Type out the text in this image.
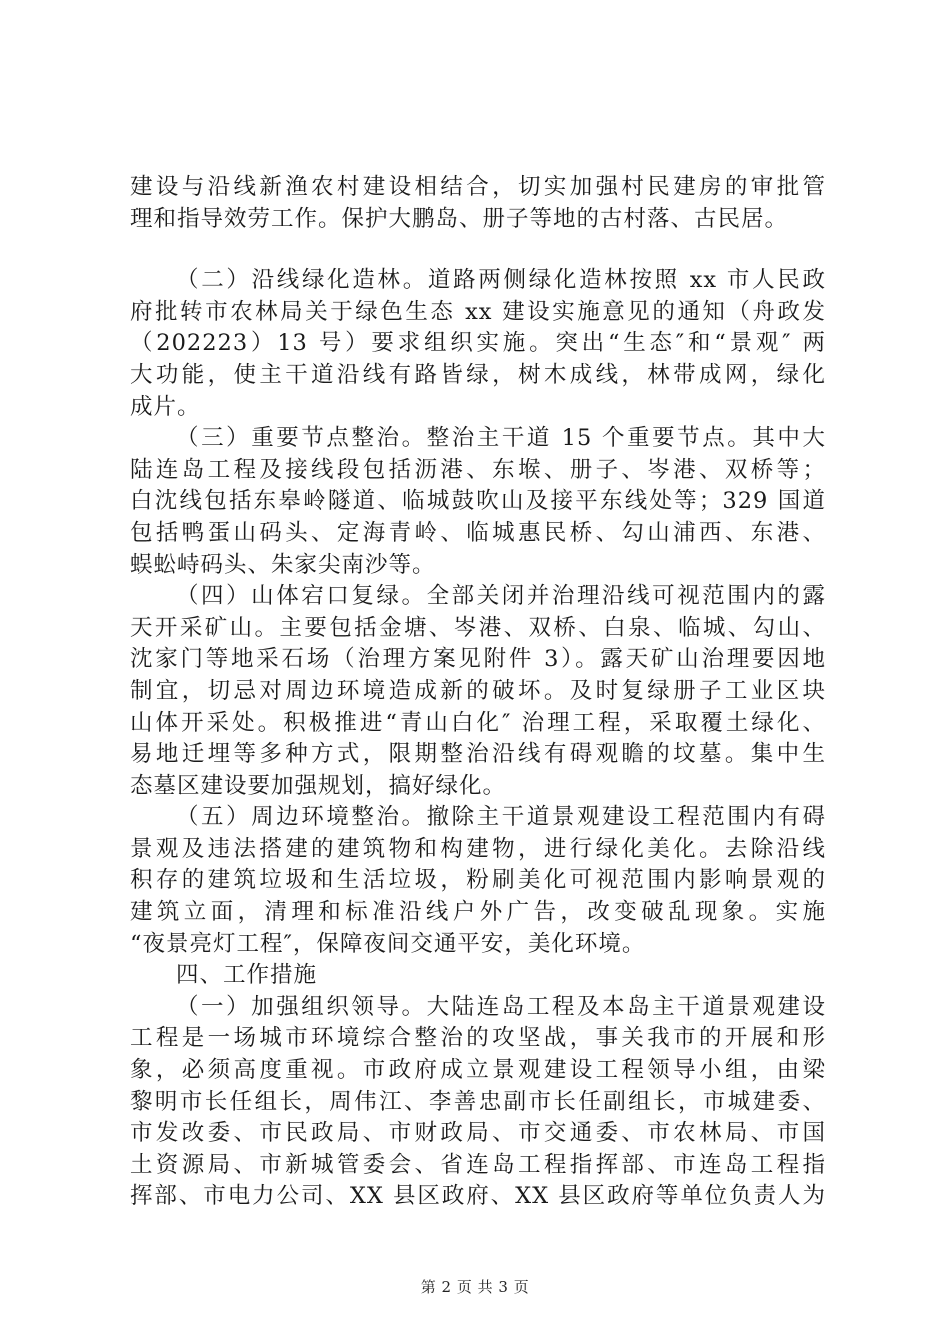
建设与沿线新渔农村建设相结合，切实加强村民建房的审批管
理和指导效劳工作。保护大鹏岛、册子等地的古村落、古民居。
（二）沿线绿化造林。道路两侧绿化造林按照 xx 市人民政
府批转市农林局关于绿色生态 xx 建设实施意见的通知（舟政发
（202223）13 号）要求组织实施。突出“生态″和“景观″ 两
大功能，使主干道沿线有路皆绿，树木成线，林带成网，绿化
成片。
（三）重要节点整治。整治主干道 15 个重要节点。其中大
陆连岛工程及接线段包括沥港、东堠、册子、岑港、双桥等；
白沈线包括东皋岭隧道、临城鼓吹山及接平东线处等；329 国道
包括鸭蛋山码头、定海青岭、临城惠民桥、勾山浦西、东港、
蜈蚣峙码头、朱家尖南沙等。
（四）山体宕口复绿。全部关闭并治理沿线可视范围内的露
天开采矿山。主要包括金塘、岑港、双桥、白泉、临城、勾山、
沈家门等地采石场（治理方案见附件 3）。露天矿山治理要因地
制宜，切忌对周边环境造成新的破坏。及时复绿册子工业区块
山体开采处。积极推进“青山白化″ 治理工程，采取覆土绿化、
易地迁埋等多种方式，限期整治沿线有碍观瞻的坟墓。集中生
态墓区建设要加强规划，搞好绿化。
（五）周边环境整治。撤除主干道景观建设工程范围内有碍
景观及违法搭建的建筑物和构建物，进行绿化美化。去除沿线
积存的建筑垃圾和生活垃圾，粉刷美化可视范围内影响景观的
建筑立面，清理和标准沿线户外广告，改变破乱现象。实施
“夜景亮灯工程″，保障夜间交通平安，美化环境。
四、工作措施
（一）加强组织领导。大陆连岛工程及本岛主干道景观建设
工程是一场城市环境综合整治的攻坚战，事关我市的开展和形
象，必须高度重视。市政府成立景观建设工程领导小组，由梁
黎明市长任组长，周伟江、李善忠副市长任副组长，市城建委、
市发改委、市民政局、市财政局、市交通委、市农林局、市国
土资源局、市新城管委会、省连岛工程指挥部、市连岛工程指
挥部、市电力公司、XX 县区政府、XX 县区政府等单位负责人为
第 2 页 共 3 页
